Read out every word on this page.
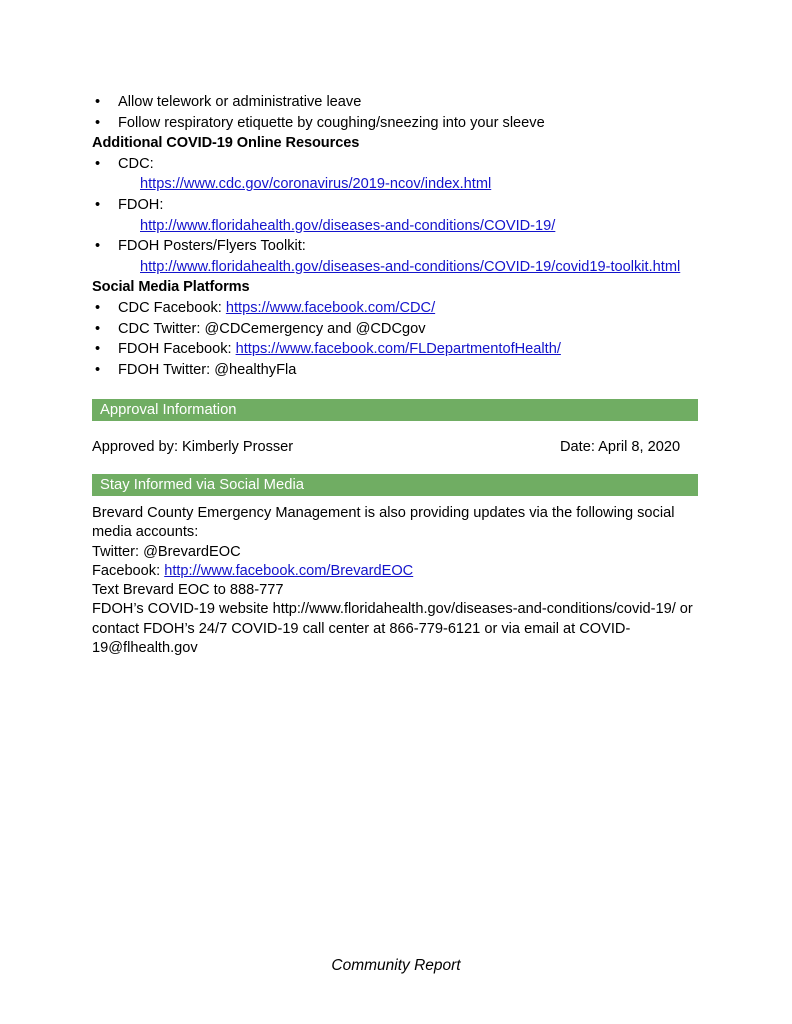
• Allow telework or administrative leave
• Follow respiratory etiquette by coughing/sneezing into your sleeve
Additional COVID-19 Online Resources
• CDC:
https://www.cdc.gov/coronavirus/2019-ncov/index.html
• FDOH:
http://www.floridahealth.gov/diseases-and-conditions/COVID-19/
• FDOH Posters/Flyers Toolkit:
http://www.floridahealth.gov/diseases-and-conditions/COVID-19/covid19-toolkit.html
Social Media Platforms
• CDC Facebook: https://www.facebook.com/CDC/
• CDC Twitter: @CDCemergency and @CDCgov
• FDOH Facebook: https://www.facebook.com/FLDepartmentofHealth/
• FDOH Twitter: @healthyFla
Approval Information
Approved by: Kimberly Prosser	Date: April 8, 2020
Stay Informed via Social Media

Brevard County Emergency Management is also providing updates via the following social
media accounts:
Twitter: @BrevardEOC
Facebook: http://www.facebook.com/BrevardEOC
Text Brevard EOC to 888-777
FDOH’s COVID-19 website http://www.floridahealth.gov/diseases-and-conditions/covid-19/ or
contact FDOH’s 24/7 COVID-19 call center at 866-779-6121 or via email at COVID-
19@flhealth.gov

Community Report
